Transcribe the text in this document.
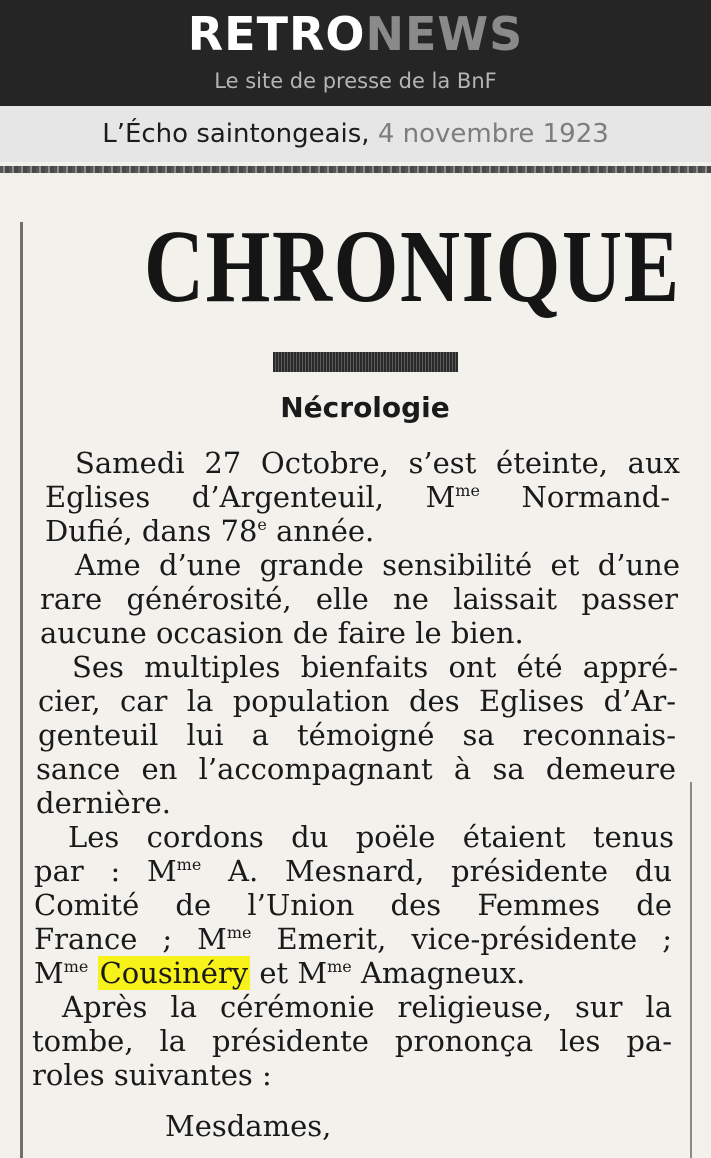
RETRONEWS
Le site de presse de la BnF
L’Écho saintongeais, 4 novembre 1923
CHRONIQUE
Nécrologie
Samedi 27 Octobre, s’est éteinte, aux
Eglises d’Argenteuil, $M^{me}$ Normand-
Dufié, dans 78e année.
Ame d’une grande sensibilité et d’une
rare générosité, elle ne laissait passer
aucune occasion de faire le bien.
Ses multiples bienfaits ont été appré-
cier, car la population des Eglises d’Ar-
genteuil lui a témoigné sa reconnais-
sance en l’accompagnant à sa demeure
dernière.
Les cordons du poële étaient tenus
par : $M^{me}$ A. Mesnard, présidente du
Comité de l’Union des Femmes de
France ; $M^{me}$ Emerit, vice-présidente ;
$M^{me}$ Cousinéry et $M^{me}$ Amagneux.
Après la cérémonie religieuse, sur la
tombe, la présidente prononça les pa-
roles suivantes :
Mesdames,
